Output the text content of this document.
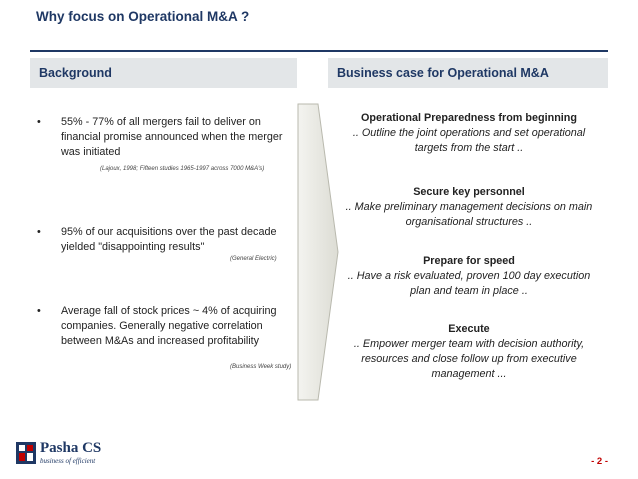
Why focus on Operational M&A ?
Background	Business case for Operational M&A
• 55% - 77% of all mergers fail to deliver on financial promise announced when the merger was initiated
(Lajoux, 1998; Fifteen studies 1965-1997 across 7000 M&A's)
• 95% of our acquisitions over the past decade yielded "disappointing results"
(General Electric)
• Average fall of stock prices ~ 4% of acquiring companies. Generally negative correlation between M&As and increased profitability
(Business Week study)
Operational Preparedness from beginning
.. Outline the joint operations and set operational targets from the start ..
Secure key personnel
.. Make preliminary management decisions on main organisational structures ..
Prepare for speed
.. Have a risk evaluated, proven 100 day execution plan and team in place ..
Execute
.. Empower merger team with decision authority, resources and close follow up from executive management ...
Pasha CS
business of efficient	- 2 -
